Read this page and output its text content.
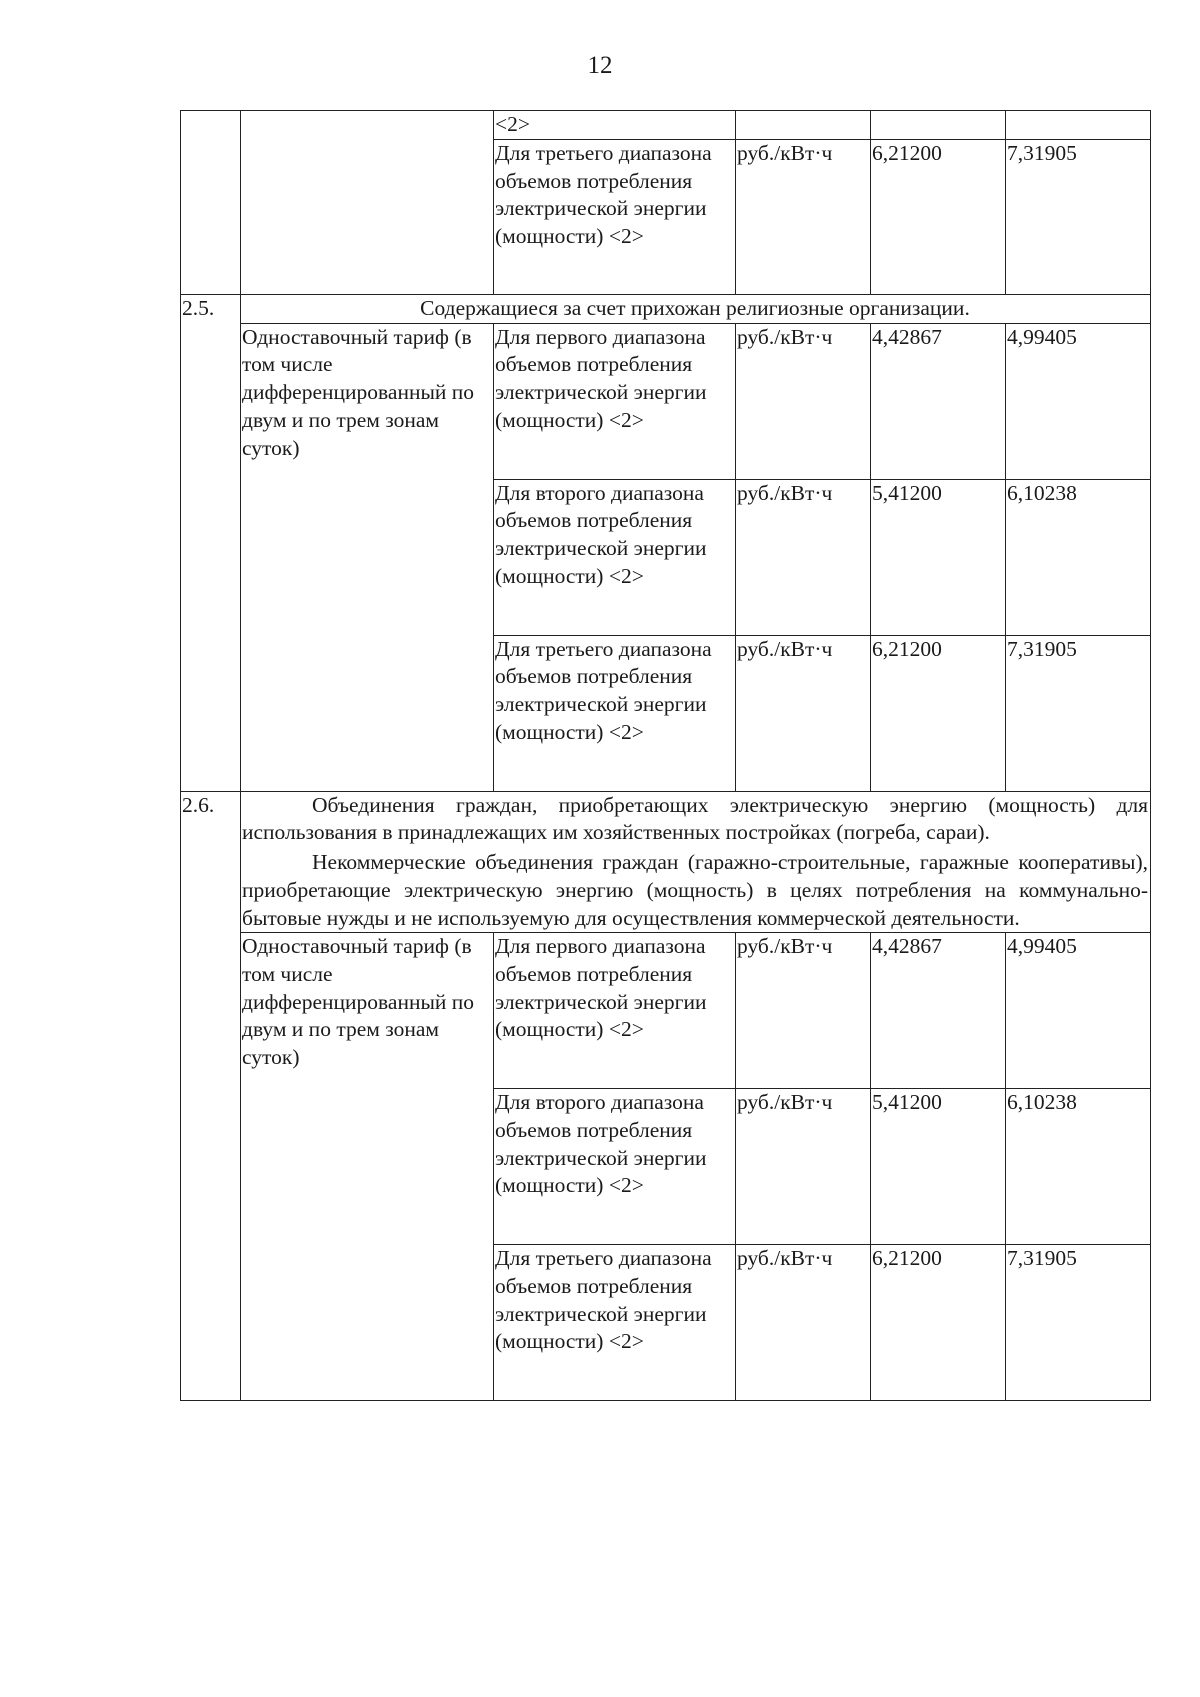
12
		<2>			
		Для третьего диапазона объемов потребления электрической энергии (мощности) <2>	руб./кВт·ч	6,21200	7,31905
2.5.	Содержащиеся за счет прихожан религиозные организации.				
	Одноставочный тариф (в том числе дифференцированный по двум и по трем зонам суток)	Для первого диапазона объемов потребления электрической энергии (мощности) <2>	руб./кВт·ч	4,42867	4,99405
		Для второго диапазона объемов потребления электрической энергии (мощности) <2>	руб./кВт·ч	5,41200	6,10238
		Для третьего диапазона объемов потребления электрической энергии (мощности) <2>	руб./кВт·ч	6,21200	7,31905
2.6.	Объединения граждан, приобретающих электрическую энергию (мощность) для использования в принадлежащих им хозяйственных постройках (погреба, сараи).

Некоммерческие объединения граждан (гаражно-строительные, гаражные кооперативы), приобретающие электрическую энергию (мощность) в целях потребления на коммунально-бытовые нужды и не используемую для осуществления коммерческой деятельности.				

	Одноставочный тариф (в том числе дифференцированный по двум и по трем зонам суток)	Для первого диапазона объемов потребления электрической энергии (мощности) <2>	руб./кВт·ч	4,42867	4,99405
		Для второго диапазона объемов потребления электрической энергии (мощности) <2>	руб./кВт·ч	5,41200	6,10238
		Для третьего диапазона объемов потребления электрической энергии (мощности) <2>	руб./кВт·ч	6,21200	7,31905
